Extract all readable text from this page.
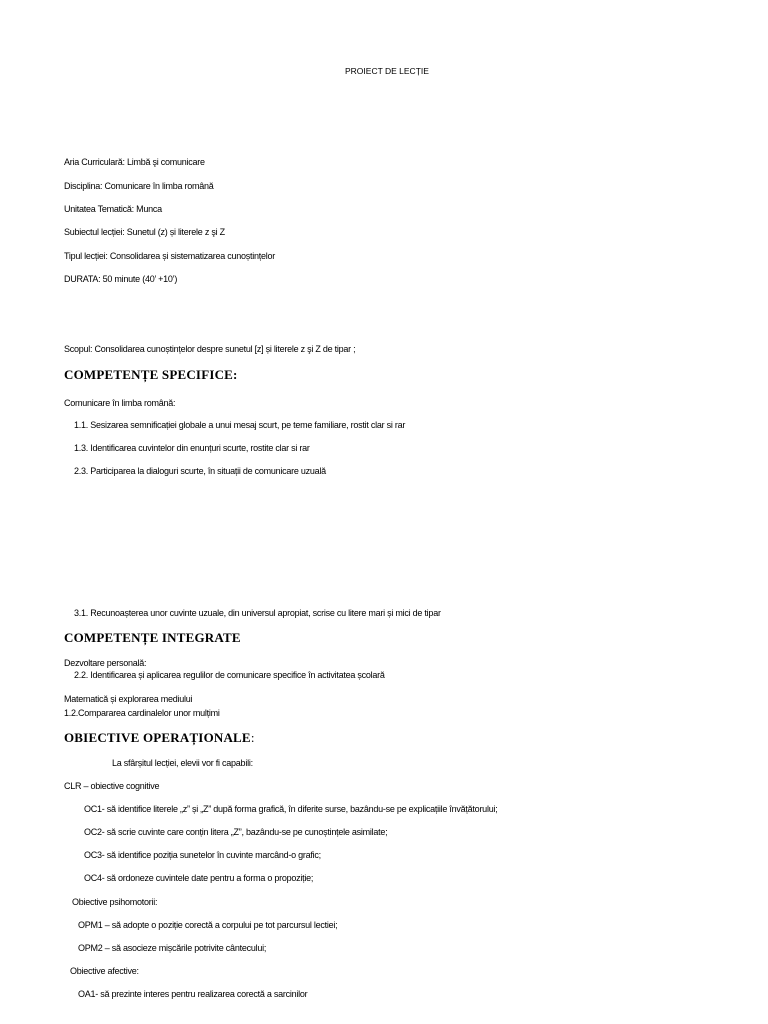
PROIECT DE LECȚIE
Aria Curriculară: Limbă şi comunicare
Disciplina: Comunicare în limba română
Unitatea Tematică: Munca
Subiectul lecției: Sunetul (z) și literele z şi Z
Tipul lecției: Consolidarea și sistematizarea cunoștințelor
DURATA: 50 minute (40’ +10’)
Scopul: Consolidarea cunoștințelor despre sunetul [z] și literele z şi Z de tipar ;
COMPETENȚE SPECIFICE:
Comunicare în limba română:
1.1. Sesizarea semnificației globale a unui mesaj scurt, pe teme familiare, rostit clar si rar
1.3. Identificarea cuvintelor din enunțuri scurte, rostite clar si rar
2.3. Participarea la dialoguri scurte, în situații de comunicare uzuală
3.1. Recunoașterea unor cuvinte uzuale, din universul apropiat, scrise cu litere mari și mici de tipar
COMPETENȚE INTEGRATE
Dezvoltare personală:
2.2. Identificarea și aplicarea regulilor de comunicare specifice în activitatea școlară
Matematică și explorarea mediului
1.2.Compararea cardinalelor unor mulțimi
OBIECTIVE OPERAȚIONALE:
La sfârșitul lecției, elevii vor fi capabili:
CLR – obiective cognitive
OC1- să identifice literele „z” și „Z” după forma grafică, în diferite surse, bazându-se pe explicațiile învățătorului;
OC2- să scrie cuvinte care conțin litera „Z”, bazându-se pe cunoștințele asimilate;
OC3- să identifice poziția sunetelor în cuvinte marcând-o grafic;
OC4- să ordoneze cuvintele date pentru a forma o propoziție;
Obiective psihomotorii:
OPM1 – să adopte o poziție corectă a corpului pe tot parcursul lectiei;
OPM2 – să asocieze mișcările potrivite cântecului;
Obiective afective:
OA1- să prezinte interes pentru realizarea corectă a sarcinilor
